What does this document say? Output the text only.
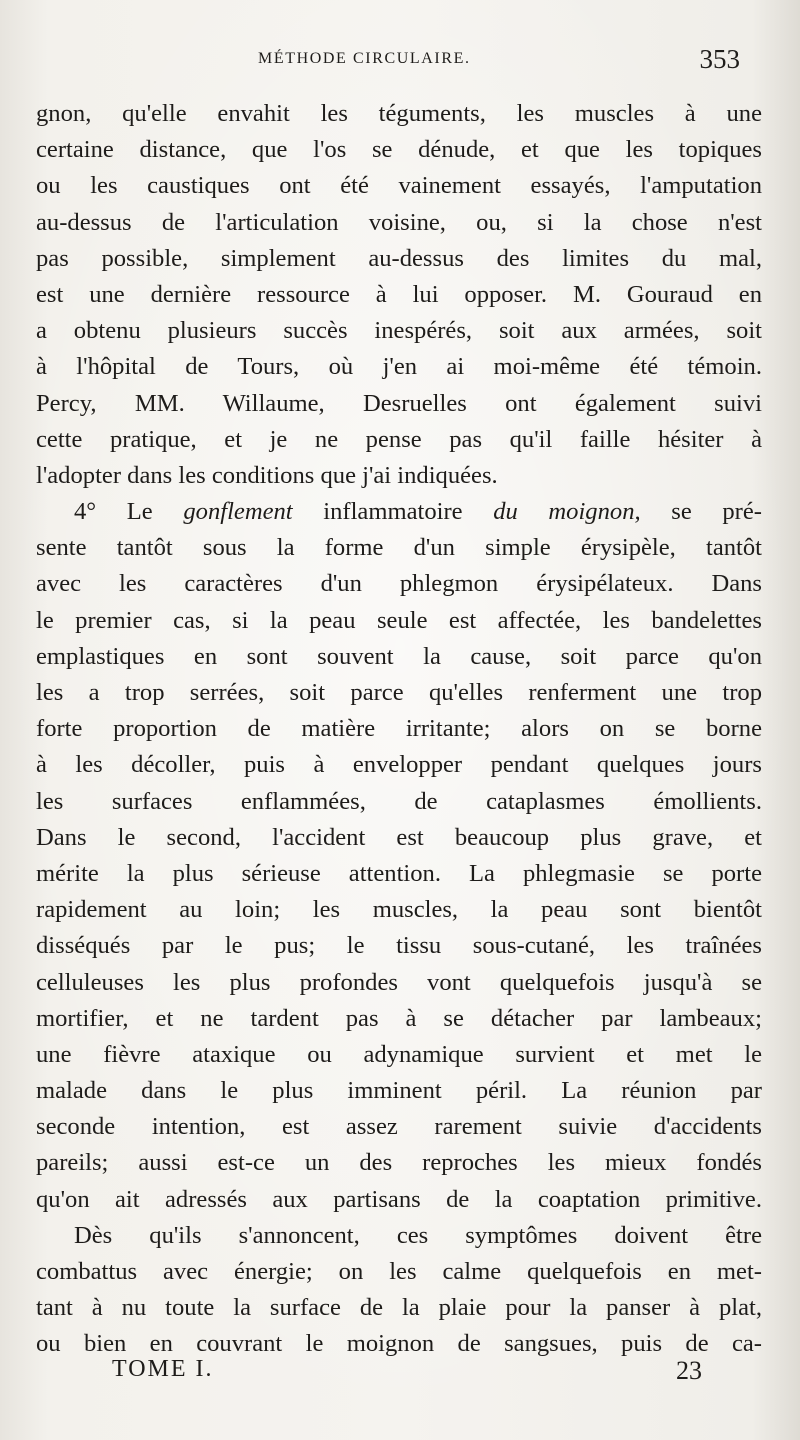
MÉTHODE CIRCULAIRE.	353
gnon, qu'elle envahit les téguments, les muscles à une
certaine distance, que l'os se dénude, et que les topiques
ou les caustiques ont été vainement essayés, l'amputation
au-dessus de l'articulation voisine, ou, si la chose n'est
pas possible, simplement au-dessus des limites du mal,
est une dernière ressource à lui opposer. M. Gouraud en
a obtenu plusieurs succès inespérés, soit aux armées, soit
à l'hôpital de Tours, où j'en ai moi-même été témoin.
Percy, MM. Willaume, Desruelles ont également suivi
cette pratique, et je ne pense pas qu'il faille hésiter à
l'adopter dans les conditions que j'ai indiquées.
4° Le gonflement inflammatoire du moignon, se pré-
sente tantôt sous la forme d'un simple érysipèle, tantôt
avec les caractères d'un phlegmon érysipélateux. Dans
le premier cas, si la peau seule est affectée, les bandelettes
emplastiques en sont souvent la cause, soit parce qu'on
les a trop serrées, soit parce qu'elles renferment une trop
forte proportion de matière irritante; alors on se borne
à les décoller, puis à envelopper pendant quelques jours
les surfaces enflammées, de cataplasmes émollients.
Dans le second, l'accident est beaucoup plus grave, et
mérite la plus sérieuse attention. La phlegmasie se porte
rapidement au loin; les muscles, la peau sont bientôt
disséqués par le pus; le tissu sous-cutané, les traînées
celluleuses les plus profondes vont quelquefois jusqu'à se
mortifier, et ne tardent pas à se détacher par lambeaux;
une fièvre ataxique ou adynamique survient et met le
malade dans le plus imminent péril. La réunion par
seconde intention, est assez rarement suivie d'accidents
pareils; aussi est-ce un des reproches les mieux fondés
qu'on ait adressés aux partisans de la coaptation primitive.
Dès qu'ils s'annoncent, ces symptômes doivent être
combattus avec énergie; on les calme quelquefois en met-
tant à nu toute la surface de la plaie pour la panser à plat,
ou bien en couvrant le moignon de sangsues, puis de ca-
TOME I.	23
